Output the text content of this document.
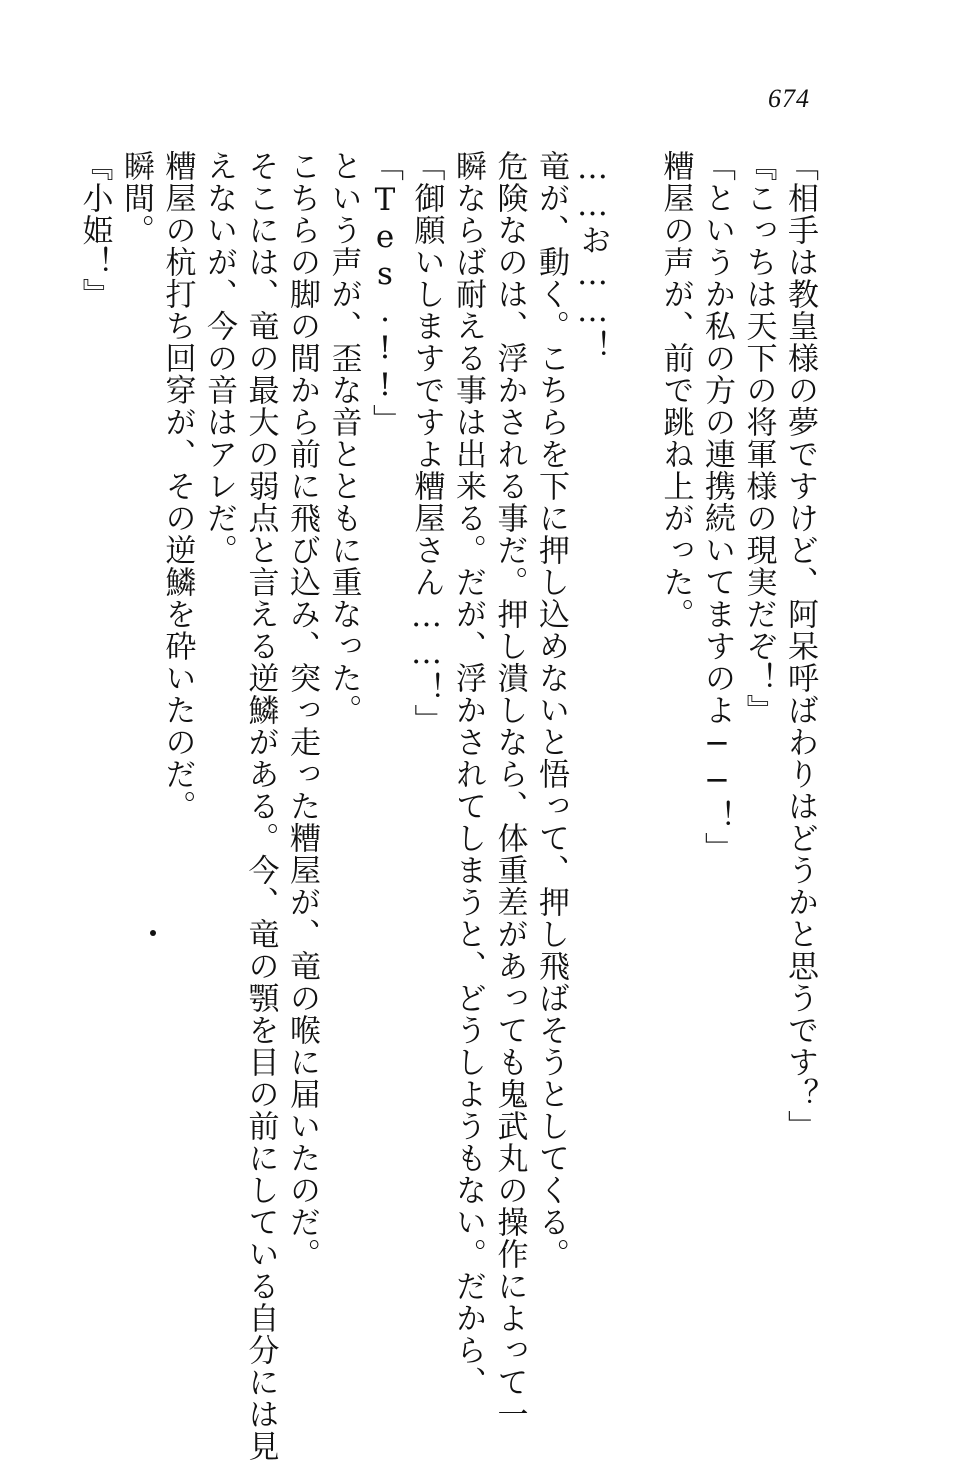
674
「相手は教皇様の夢ですけど、阿呆呼ばわりはどうかと思うです？」
『こっちは天下の将軍様の現実だぞ！』
「というか私の方の連携続いてますのよ──！」
糟屋の声が、前で跳ね上がった。
……お……！
竜が、動く。こちらを下に押し込めないと悟って、押し飛ばそうとしてくる。
危険なのは、浮かされる事だ。押し潰しなら、体重差があっても鬼武丸の操作によって一
瞬ならば耐える事は出来る。だが、浮かされてしまうと、どうしようもない。だから、
「御願いしますですよ糟屋さん……！」
「Tes.!!」
という声が、歪な音とともに重なった。
こちらの脚の間から前に飛び込み、突っ走った糟屋が、竜の喉に届いたのだ。
そこには、竜の最大の弱点と言える逆鱗がある。今、竜の顎を目の前にしている自分には見
えないが、今の音はアレだ。
糟屋の杭打ち回穿が、その逆鱗を砕いたのだ。
瞬間。
『小姫！』
